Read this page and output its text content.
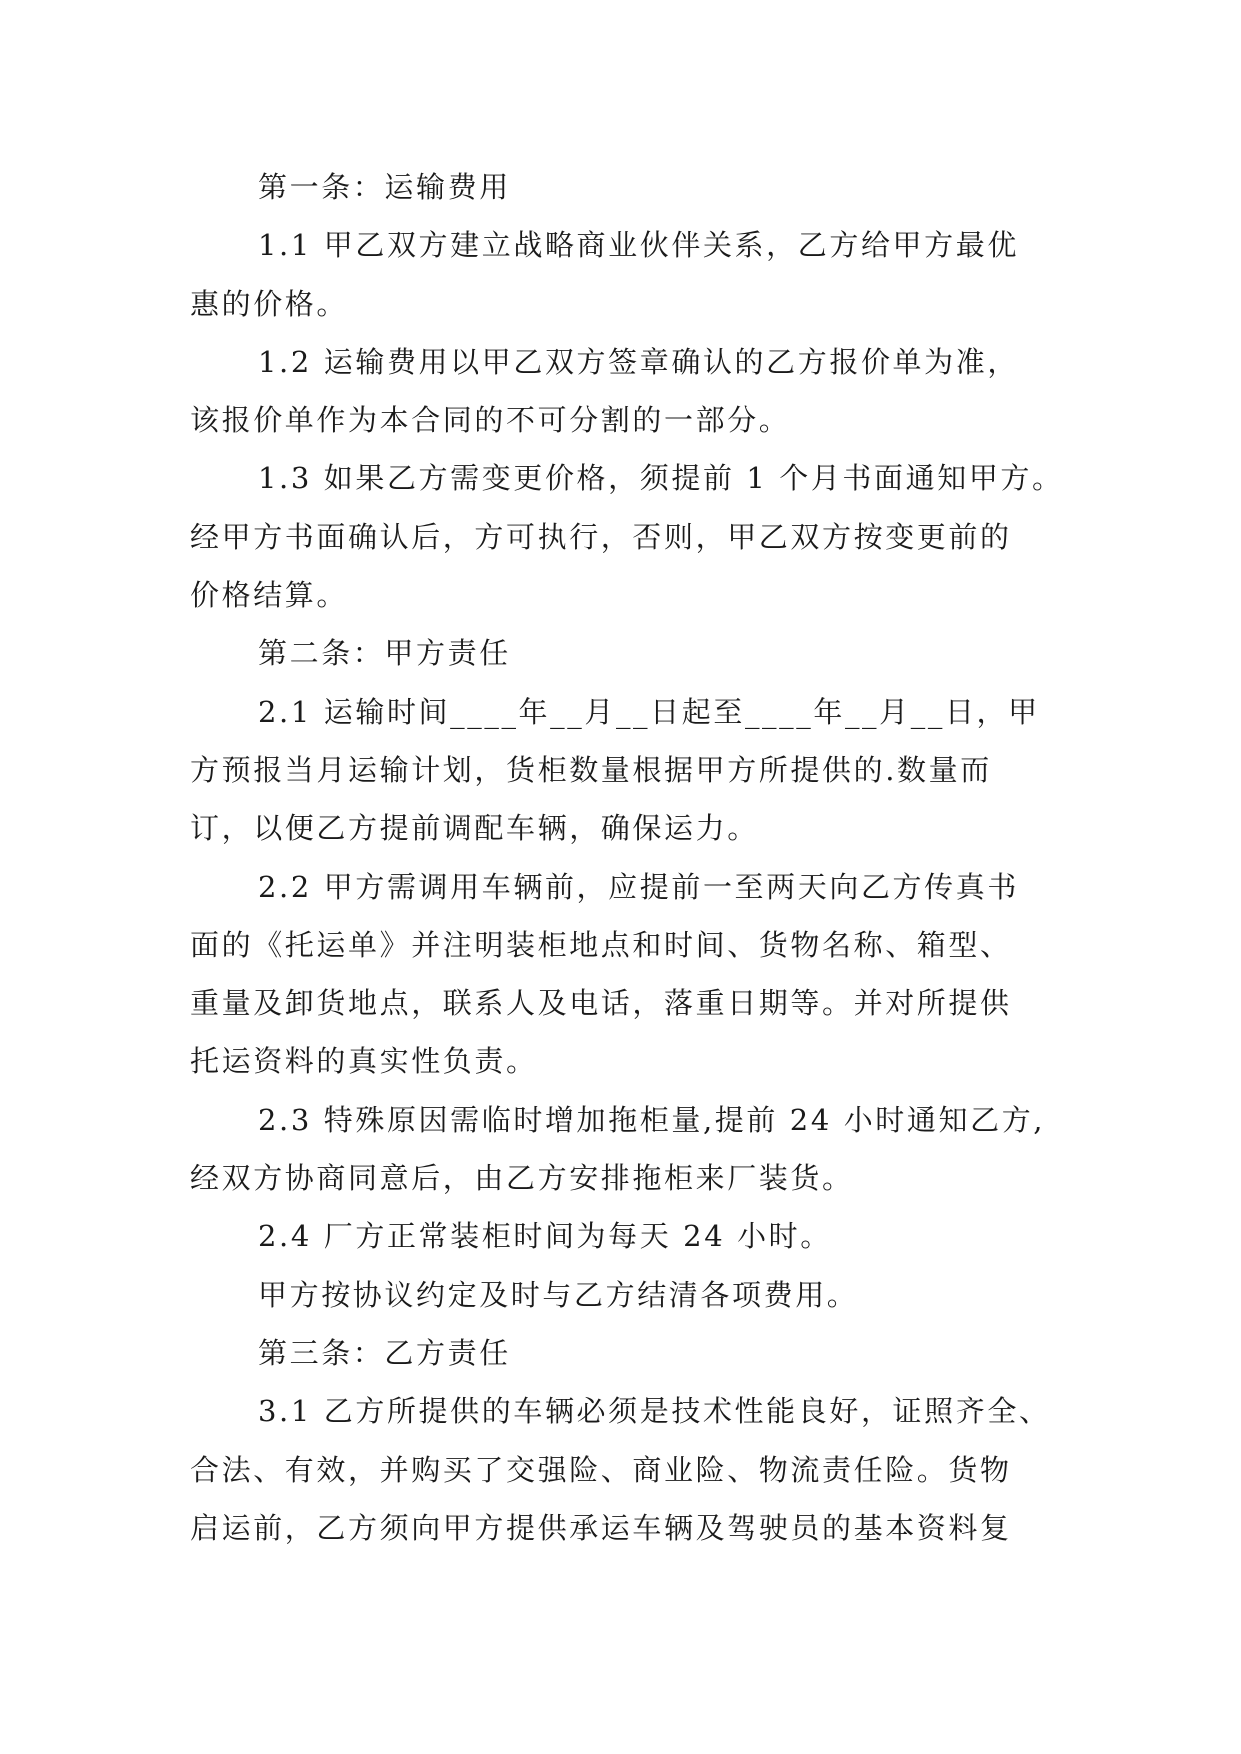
第一条：运输费用
1.1 甲乙双方建立战略商业伙伴关系，乙方给甲方最优
惠的价格。
1.2 运输费用以甲乙双方签章确认的乙方报价单为准，
该报价单作为本合同的不可分割的一部分。
1.3 如果乙方需变更价格，须提前 1 个月书面通知甲方。
经甲方书面确认后，方可执行，否则，甲乙双方按变更前的
价格结算。
第二条：甲方责任
2.1 运输时间____年__月__日起至____年__月__日，甲
方预报当月运输计划，货柜数量根据甲方所提供的.数量而
订，以便乙方提前调配车辆，确保运力。
2.2 甲方需调用车辆前，应提前一至两天向乙方传真书
面的《托运单》并注明装柜地点和时间、货物名称、箱型、
重量及卸货地点，联系人及电话，落重日期等。并对所提供
托运资料的真实性负责。
2.3 特殊原因需临时增加拖柜量,提前 24 小时通知乙方,
经双方协商同意后，由乙方安排拖柜来厂装货。
2.4 厂方正常装柜时间为每天 24 小时。
甲方按协议约定及时与乙方结清各项费用。
第三条：乙方责任
3.1 乙方所提供的车辆必须是技术性能良好，证照齐全、
合法、有效，并购买了交强险、商业险、物流责任险。货物
启运前，乙方须向甲方提供承运车辆及驾驶员的基本资料复
